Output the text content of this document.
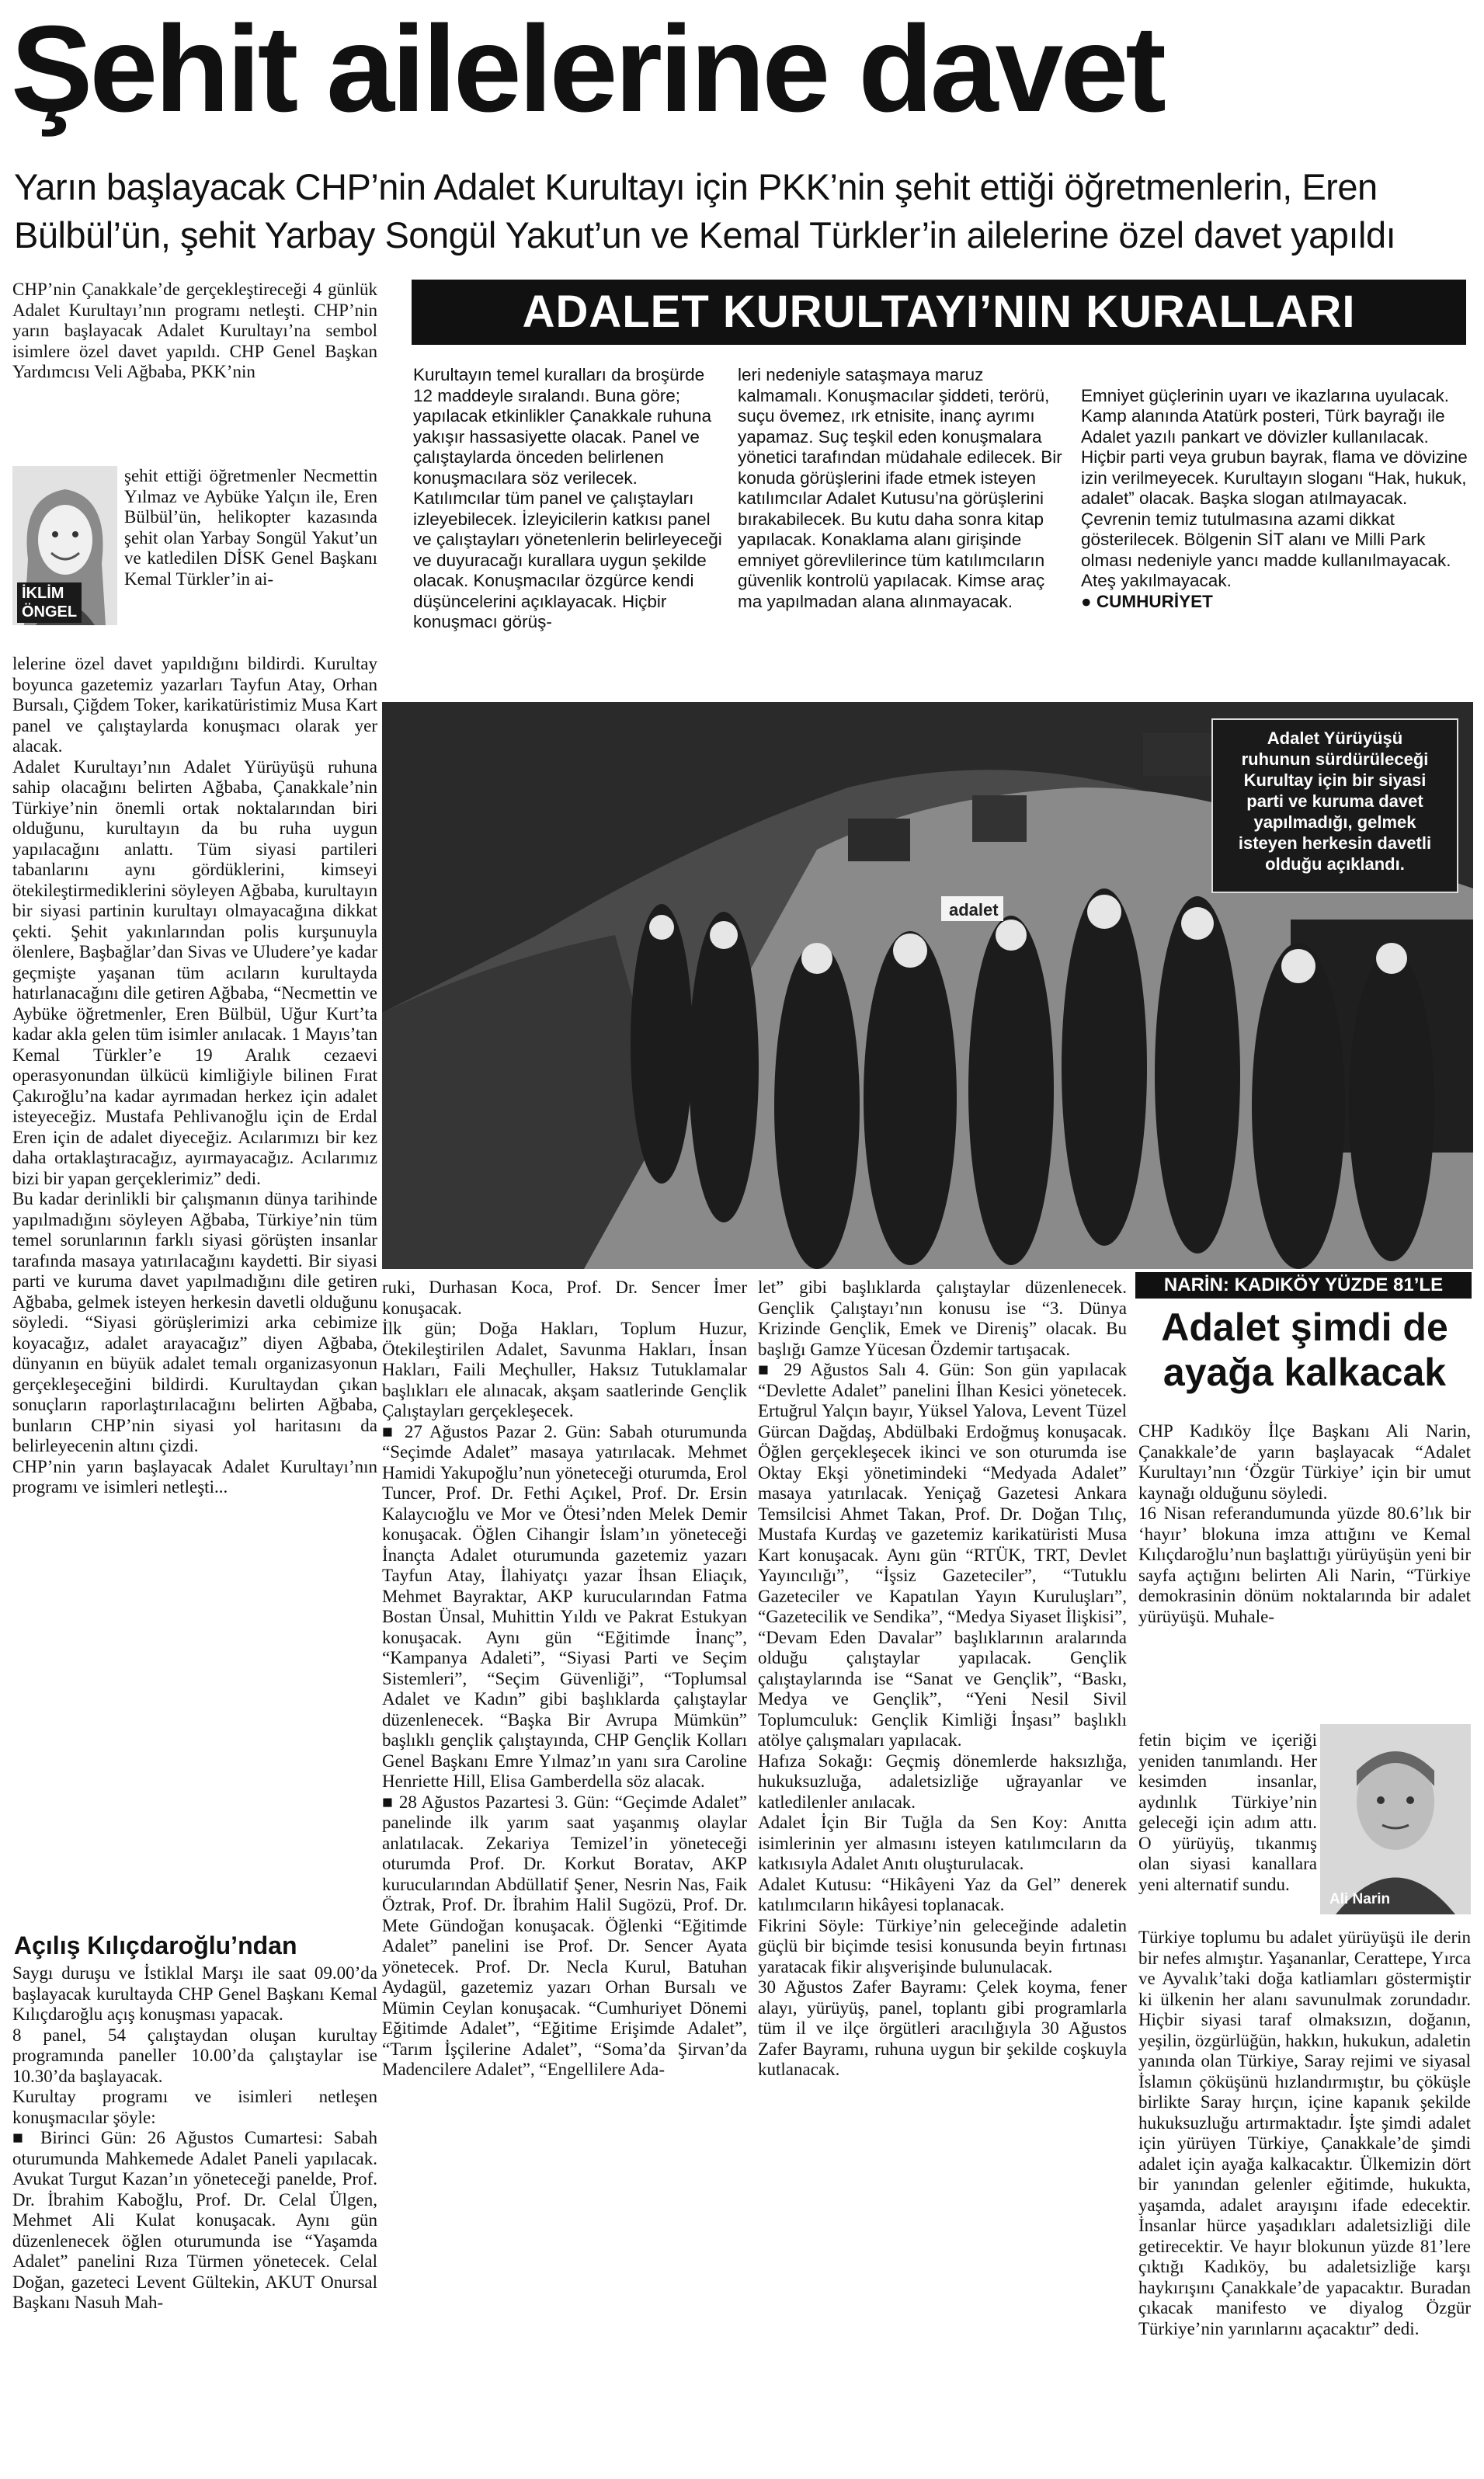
Şehit ailelerine davet
Yarın başlayacak CHP’nin Adalet Kurultayı için PKK’nin şehit ettiği öğretmenlerin, Eren
Bülbül’ün, şehit Yarbay Songül Yakut’un ve Kemal Türkler’in ailelerine özel davet yapıldı
CHP’nin Çanakkale’de gerçekleştireceği 4 günlük Adalet Kurultayı’nın programı netleşti. CHP’nin yarın başlayacak Adalet Kurultayı’na sembol isimlere özel davet yapıldı. CHP Genel Başkan Yardımcısı Veli Ağbaba, PKK’nin
İKLİM
ÖNGEL
şehit ettiği öğretmenler Necmettin Yılmaz ve Aybüke Yalçın ile, Eren Bülbül’ün, helikopter kazasında şehit olan Yarbay Songül Yakut’un ve katledilen DİSK Genel Başkanı Kemal Türkler’in ai-
lelerine özel davet yapıldığını bildirdi. Kurultay boyunca gazetemiz yazarları Tayfun Atay, Orhan Bursalı, Çiğdem Toker, karikatüristimiz Musa Kart panel ve çalıştaylarda konuşmacı olarak yer alacak.
Adalet Kurultayı’nın Adalet Yürüyüşü ruhuna sahip olacağını belirten Ağbaba, Çanakkale’nin Türkiye’nin önemli ortak noktalarından biri olduğunu, kurultayın da bu ruha uygun yapılacağını anlattı. Tüm siyasi partileri tabanlarını aynı gördüklerini, kimseyi ötekileştirmediklerini söyleyen Ağbaba, kurultayın bir siyasi partinin kurultayı olmayacağına dikkat çekti. Şehit yakınlarından polis kurşunuyla ölenlere, Başbağlar’dan Sivas ve Uludere’ye kadar geçmişte yaşanan tüm acıların kurultayda hatırlanacağını dile getiren Ağbaba, “Necmettin ve Aybüke öğretmenler, Eren Bülbül, Uğur Kurt’ta kadar akla gelen tüm isimler anılacak. 1 Mayıs’tan Kemal Türkler’e 19 Aralık cezaevi operasyonundan ülkücü kimliğiyle bilinen Fırat Çakıroğlu’na kadar ayrımadan herkez için adalet isteyeceğiz. Mustafa Pehlivanoğlu için de Erdal Eren için de adalet diyeceğiz. Acılarımızı bir kez daha ortaklaştıracağız, ayırmayacağız. Acılarımız bizi bir yapan gerçeklerimiz” dedi.
Bu kadar derinlikli bir çalışmanın dünya tarihinde yapılmadığını söyleyen Ağbaba, Türkiye’nin tüm temel sorunlarının farklı siyasi görüşten insanlar tarafında masaya yatırılacağını kaydetti. Bir siyasi parti ve kuruma davet yapılmadığını dile getiren Ağbaba, gelmek isteyen herkesin davetli olduğunu söyledi. “Siyasi görüşlerimizi arka cebimize koyacağız, adalet arayacağız” diyen Ağbaba, dünyanın en büyük adalet temalı organizasyonun gerçekleşeceğini bildirdi. Kurultaydan çıkan sonuçların raporlaştırılacağını belirten Ağbaba, bunların CHP’nin siyasi yol haritasını da belirleyecenin altını çizdi.
CHP’nin yarın başlayacak Adalet Kurultayı’nın programı ve isimleri netleşti...
Açılış Kılıçdaroğlu’ndan
Saygı duruşu ve İstiklal Marşı ile saat 09.00’da başlayacak kurultayda CHP Genel Başkanı Kemal Kılıçdaroğlu açış konuşması yapacak.
8 panel, 54 çalıştaydan oluşan kurultay programında paneller 10.00’da çalıştaylar ise 10.30’da başlayacak.
Kurultay programı ve isimleri netleşen konuşmacılar şöyle:
■ Birinci Gün: 26 Ağustos Cumartesi: Sabah oturumunda Mahkemede Adalet Paneli yapılacak. Avukat Turgut Kazan’ın yöneteceği panelde, Prof. Dr. İbrahim Kaboğlu, Prof. Dr. Celal Ülgen, Mehmet Ali Kulat konuşacak. Aynı gün düzenlenecek öğlen oturumunda ise “Yaşamda Adalet” panelini Rıza Türmen yönetecek. Celal Doğan, gazeteci Levent Gültekin, AKUT Onursal Başkanı Nasuh Mah-
ADALET KURULTAYI’NIN KURALLARI
Kurultayın temel kuralları da broşürde 12 maddeyle sıralandı. Buna göre; yapılacak etkinlikler Çanakkale ruhuna yakışır hassasiyette olacak. Panel ve çalıştaylarda önceden belirlenen konuşmacılara söz verilecek. Katılımcılar tüm panel ve çalıştayları izleyebilecek. İzleyicilerin katkısı panel ve çalıştayları yönetenlerin belirleyeceği ve duyuracağı kurallara uygun şekilde olacak. Konuşmacılar özgürce kendi düşüncelerini açıklayacak. Hiçbir konuşmacı görüş-
leri nedeniyle sataşmaya maruz kalmamalı. Konuşmacılar şiddeti, terörü, suçu övemez, ırk etnisite, inanç ayrımı yapamaz. Suç teşkil eden konuşmalara yönetici tarafından müdahale edilecek. Bir konuda görüşlerini ifade etmek isteyen katılımcılar Adalet Kutusu’na görüşlerini bırakabilecek. Bu kutu daha sonra kitap yapılacak. Konaklama alanı girişinde emniyet görevlilerince tüm katılımcıların güvenlik kontrolü yapılacak. Kimse araç ma yapılmadan alana alınmayacak.

Emniyet güçlerinin uyarı ve ikazlarına uyulacak. Kamp alanında Atatürk posteri, Türk bayrağı ile Adalet yazılı pankart ve dövizler kullanılacak. Hiçbir parti veya grubun bayrak, flama ve dövizine izin verilmeyecek. Kurultayın sloganı “Hak, hukuk, adalet” olacak. Başka slogan atılmayacak. Çevrenin temiz tutulmasına azami dikkat gösterilecek. Bölgenin SİT alanı ve Milli Park olması nedeniyle yancı madde kullanılmayacak. Ateş yakılmayacak.

● CUMHURİYET

adalet
Adalet Yürüyüşü
ruhunun sürdürüleceği
Kurultay için bir siyasi
parti ve kuruma davet
yapılmadığı, gelmek
isteyen herkesin davetli
olduğu açıklandı.
ruki, Durhasan Koca, Prof. Dr. Sencer İmer konuşacak.
İlk gün; Doğa Hakları, Toplum Huzur, Ötekileştirilen Adalet, Savunma Hakları, İnsan Hakları, Faili Meçhuller, Haksız Tutuklamalar başlıkları ele alınacak, akşam saatlerinde Gençlik Çalıştayları gerçekleşecek.
■ 27 Ağustos Pazar 2. Gün: Sabah oturumunda “Seçimde Adalet” masaya yatırılacak. Mehmet Hamidi Yakupoğlu’nun yöneteceği oturumda, Erol Tuncer, Prof. Dr. Fethi Açıkel, Prof. Dr. Ersin Kalaycıoğlu ve Mor ve Ötesi’nden Melek Demir konuşacak. Öğlen Cihangir İslam’ın yöneteceği İnançta Adalet oturumunda gazetemiz yazarı Tayfun Atay, İlahiyatçı yazar İhsan Eliaçık, Mehmet Bayraktar, AKP kurucularından Fatma Bostan Ünsal, Muhittin Yıldı ve Pakrat Estukyan konuşacak. Aynı gün “Eğitimde İnanç”, “Kampanya Adaleti”, “Siyasi Parti ve Seçim Sistemleri”, “Seçim Güvenliği”, “Toplumsal Adalet ve Kadın” gibi başlıklarda çalıştaylar düzenlenecek. “Başka Bir Avrupa Mümkün” başlıklı gençlik çalıştayında, CHP Gençlik Kolları Genel Başkanı Emre Yılmaz’ın yanı sıra Caroline Henriette Hill, Elisa Gamberdella söz alacak.
■ 28 Ağustos Pazartesi 3. Gün: “Geçimde Adalet” panelinde ilk yarım saat yaşanmış olaylar anlatılacak. Zekariya Temizel’in yöneteceği oturumda Prof. Dr. Korkut Boratav, AKP kurucularından Abdüllatif Şener, Nesrin Nas, Faik Öztrak, Prof. Dr. İbrahim Halil Sugözü, Prof. Dr. Mete Gündoğan konuşacak. Öğlenki “Eğitimde Adalet” panelini ise Prof. Dr. Sencer Ayata yönetecek. Prof. Dr. Necla Kurul, Batuhan Aydagül, gazetemiz yazarı Orhan Bursalı ve Mümin Ceylan konuşacak. “Cumhuriyet Dönemi Eğitimde Adalet”, “Eğitime Erişimde Adalet”, “Tarım İşçilerine Adalet”, “Soma’da Şirvan’da Madencilere Adalet”, “Engellilere Ada-
let” gibi başlıklarda çalıştaylar düzenlenecek. Gençlik Çalıştayı’nın konusu ise “3. Dünya Krizinde Gençlik, Emek ve Direniş” olacak. Bu başlığı Gamze Yücesan Özdemir tartışacak.
■ 29 Ağustos Salı 4. Gün: Son gün yapılacak “Devlette Adalet” panelini İlhan Kesici yönetecek. Ertuğrul Yalçın bayır, Yüksel Yalova, Levent Tüzel Gürcan Dağdaş, Abdülbaki Erdoğmuş konuşacak. Öğlen gerçekleşecek ikinci ve son oturumda ise Oktay Ekşi yönetimindeki “Medyada Adalet” masaya yatırılacak. Yeniçağ Gazetesi Ankara Temsilcisi Ahmet Takan, Prof. Dr. Doğan Tılıç, Mustafa Kurdaş ve gazetemiz karikatüristi Musa Kart konuşacak. Aynı gün “RTÜK, TRT, Devlet Yayıncılığı”, “İşsiz Gazeteciler”, “Tutuklu Gazeteciler ve Kapatılan Yayın Kuruluşları”, “Gazetecilik ve Sendika”, “Medya Siyaset İlişkisi”, “Devam Eden Davalar” başlıklarının aralarında olduğu çalıştaylar yapılacak. Gençlik çalıştaylarında ise “Sanat ve Gençlik”, “Baskı, Medya ve Gençlik”, “Yeni Nesil Sivil Toplumculuk: Gençlik Kimliği İnşası” başlıklı atölye çalışmaları yapılacak.
Hafıza Sokağı: Geçmiş dönemlerde haksızlığa, hukuksuzluğa, adaletsizliğe uğrayanlar ve katledilenler anılacak.
Adalet İçin Bir Tuğla da Sen Koy: Anıtta isimlerinin yer almasını isteyen katılımcıların da katkısıyla Adalet Anıtı oluşturulacak.
Adalet Kutusu: “Hikâyeni Yaz da Gel” denerek katılımcıların hikâyesi toplanacak.
Fikrini Söyle: Türkiye’nin geleceğinde adaletin güçlü bir biçimde tesisi konusunda beyin fırtınası yaratacak fikir alışverişinde bulunulacak.
30 Ağustos Zafer Bayramı: Çelek koyma, fener alayı, yürüyüş, panel, toplantı gibi programlarla tüm il ve ilçe örgütleri aracılığıyla 30 Ağustos Zafer Bayramı, ruhuna uygun bir şekilde coşkuyla kutlanacak.
NARİN: KADIKÖY YÜZDE 81’LE
Adalet şimdi de
ayağa kalkacak
CHP Kadıköy İlçe Başkanı Ali Narin, Çanakkale’de yarın başlayacak “Adalet Kurultayı’nın ‘Özgür Türkiye’ için bir umut kaynağı olduğunu söyledi.
16 Nisan referandumunda yüzde 80.6’lık bir ‘hayır’ blokuna imza attığını ve Kemal Kılıçdaroğlu’nun başlattığı yürüyüşün yeni bir sayfa açtığını belirten Ali Narin, “Türkiye demokrasinin dönüm noktalarında bir adalet yürüyüşü. Muhale-
fetin biçim ve içeriği yeniden tanımlandı. Her kesimden insanlar, aydınlık Türkiye’nin geleceği için adım attı. O yürüyüş, tıkanmış olan siyasi kanallara yeni alternatif sundu.
Ali Narin
Türkiye toplumu bu adalet yürüyüşü ile derin bir nefes almıştır. Yaşananlar, Cerattepe, Yırca ve Ayvalık’taki doğa katliamları göstermiştir ki ülkenin her alanı savunulmak zorundadır. Hiçbir siyasi taraf olmaksızın, doğanın, yeşilin, özgürlüğün, hakkın, hukukun, adaletin yanında olan Türkiye, Saray rejimi ve siyasal İslamın çöküşünü hızlandırmıştır, bu çöküşle birlikte Saray hırçın, içine kapanık şekilde hukuksuzluğu artırmaktadır. İşte şimdi adalet için yürüyen Türkiye, Çanakkale’de şimdi adalet için ayağa kalkacaktır. Ülkemizin dört bir yanından gelenler eğitimde, hukukta, yaşamda, adalet arayışını ifade edecektir. İnsanlar hürce yaşadıkları adaletsizliği dile getirecektir. Ve hayır blokunun yüzde 81’lere çıktığı Kadıköy, bu adaletsizliğe karşı haykırışını Çanakkale’de yapacaktır. Buradan çıkacak manifesto ve diyalog Özgür Türkiye’nin yarınlarını açacaktır” dedi.
